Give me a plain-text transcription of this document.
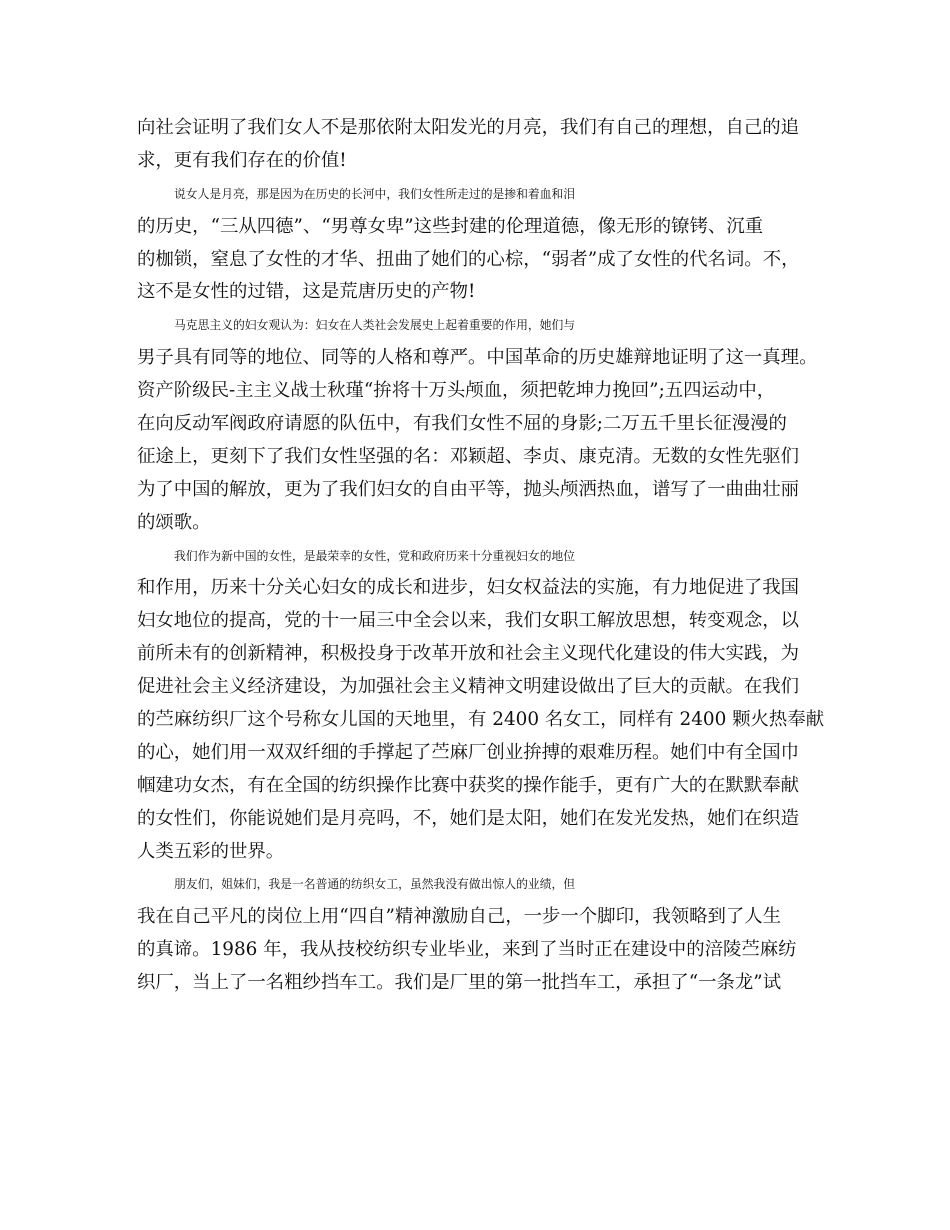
向社会证明了我们女人不是那依附太阳发光的月亮，我们有自己的理想，自己的追
求，更有我们存在的价值!
说女人是月亮，那是因为在历史的长河中，我们女性所走过的是掺和着血和泪
的历史，“三从四德”、“男尊女卑”这些封建的伦理道德，像无形的镣铐、沉重
的枷锁，窒息了女性的才华、扭曲了她们的心棕，“弱者”成了女性的代名词。不，
这不是女性的过错，这是荒唐历史的产物!
马克思主义的妇女观认为：妇女在人类社会发展史上起着重要的作用，她们与
男子具有同等的地位、同等的人格和尊严。中国革命的历史雄辩地证明了这一真理。
资产阶级民-主主义战士秋瑾“拚将十万头颅血，须把乾坤力挽回”;五四运动中，
在向反动军阀政府请愿的队伍中，有我们女性不屈的身影;二万五千里长征漫漫的
征途上，更刻下了我们女性坚强的名：邓颖超、李贞、康克清。无数的女性先驱们
为了中国的解放，更为了我们妇女的自由平等，抛头颅洒热血，谱写了一曲曲壮丽
的颂歌。
我们作为新中国的女性，是最荣幸的女性，党和政府历来十分重视妇女的地位
和作用，历来十分关心妇女的成长和进步，妇女权益法的实施，有力地促进了我国
妇女地位的提高，党的十一届三中全会以来，我们女职工解放思想，转变观念，以
前所未有的创新精神，积极投身于改革开放和社会主义现代化建设的伟大实践，为
促进社会主义经济建设，为加强社会主义精神文明建设做出了巨大的贡献。在我们
的苎麻纺织厂这个号称女儿国的天地里，有 2400 名女工，同样有 2400 颗火热奉献
的心，她们用一双双纤细的手撑起了苎麻厂创业拚搏的艰难历程。她们中有全国巾
帼建功女杰，有在全国的纺织操作比赛中获奖的操作能手，更有广大的在默默奉献
的女性们，你能说她们是月亮吗，不，她们是太阳，她们在发光发热，她们在织造
人类五彩的世界。
朋友们，姐妹们，我是一名普通的纺织女工，虽然我没有做出惊人的业绩，但
我在自己平凡的岗位上用“四自”精神激励自己，一步一个脚印，我领略到了人生
的真谛。1986 年，我从技校纺织专业毕业，来到了当时正在建设中的涪陵苎麻纺
织厂，当上了一名粗纱挡车工。我们是厂里的第一批挡车工，承担了“一条龙”试
